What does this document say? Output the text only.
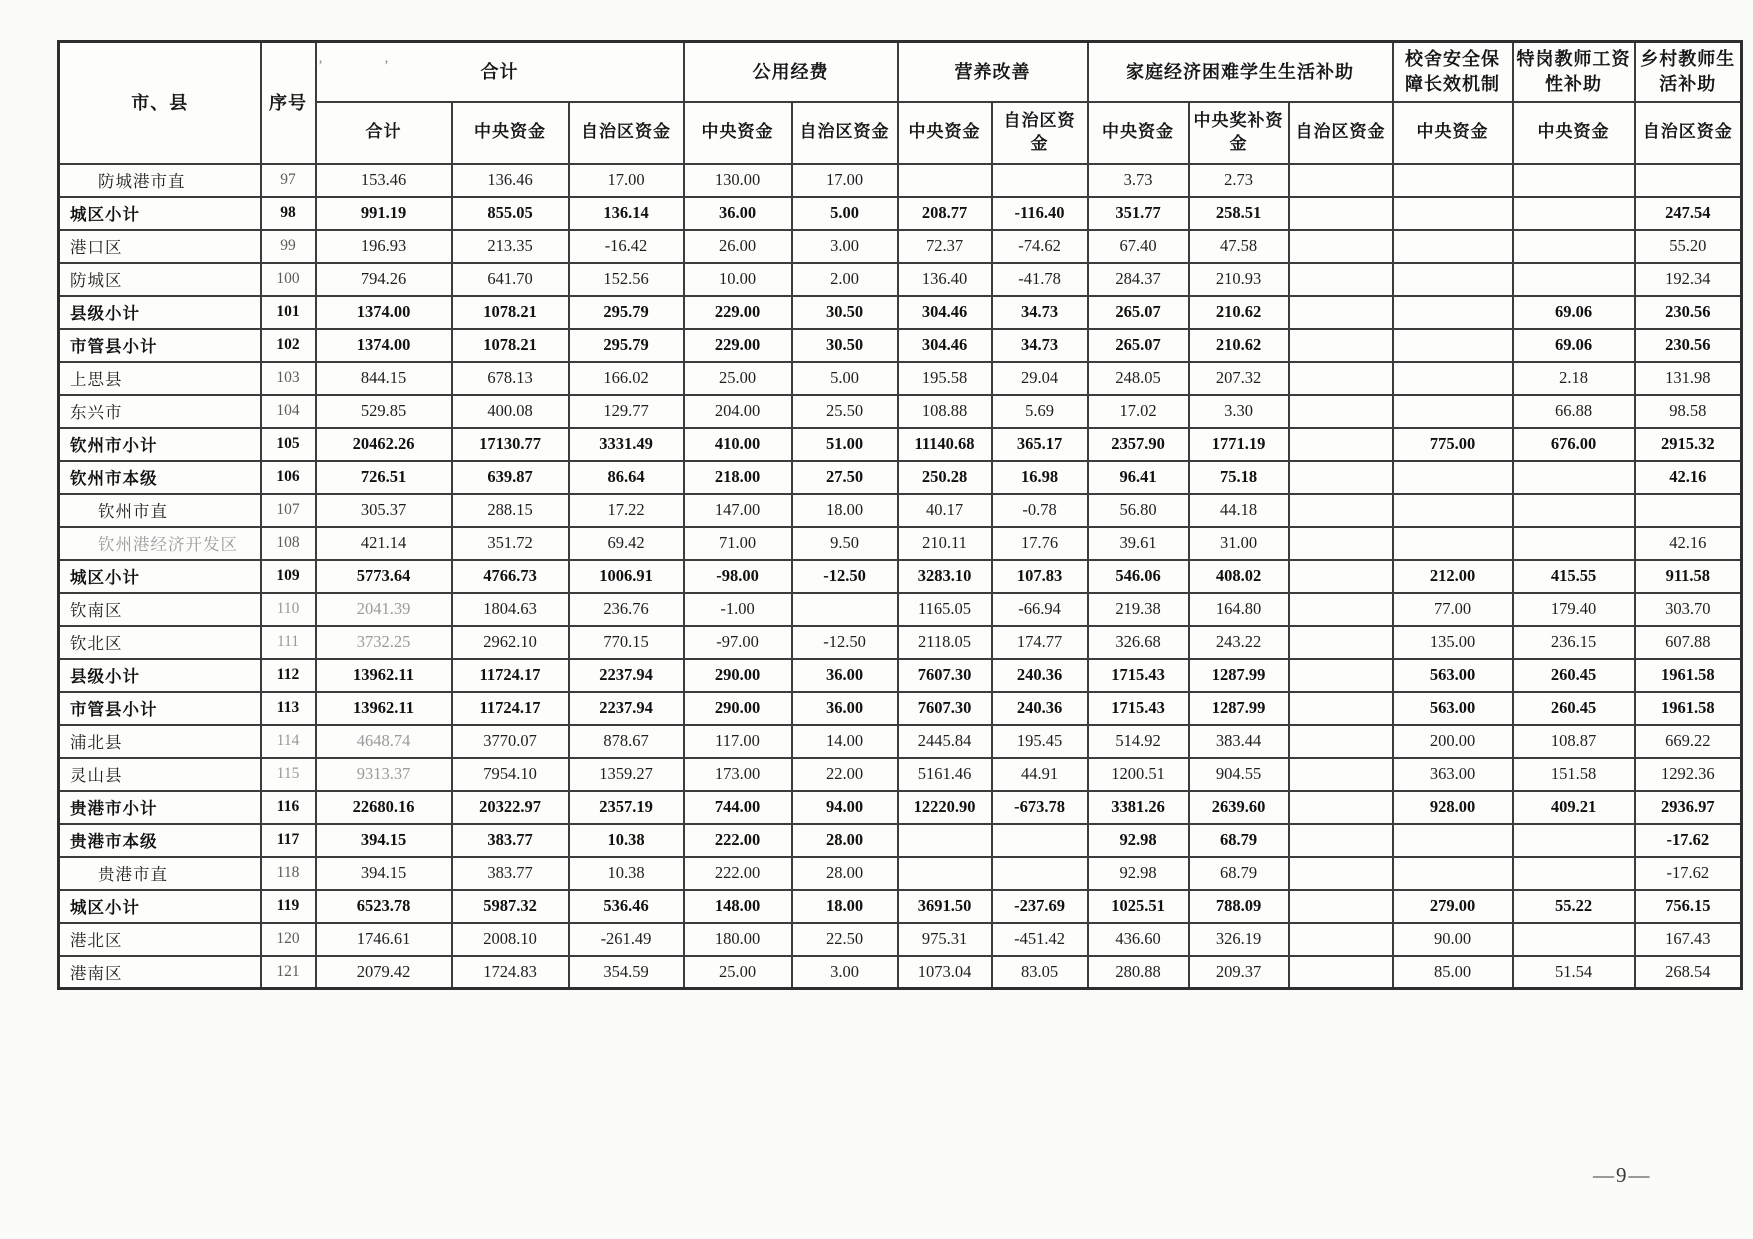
市、县	序号	合计			公用经费		营养改善		家庭经济困难学生生活补助			校舍安全保障长效机制	特岗教师工资性补助	乡村教师生活补助
		合计	中央资金	自治区资金	中央资金	自治区资金	中央资金	自治区资金	中央资金	中央奖补资金	自治区资金	中央资金	中央资金	自治区资金
防城港市直	97	153.46	136.46	17.00	130.00	17.00			3.73	2.73				
城区小计	98	991.19	855.05	136.14	36.00	5.00	208.77	-116.40	351.77	258.51				247.54
港口区	99	196.93	213.35	-16.42	26.00	3.00	72.37	-74.62	67.40	47.58				55.20
防城区	100	794.26	641.70	152.56	10.00	2.00	136.40	-41.78	284.37	210.93				192.34
县级小计	101	1374.00	1078.21	295.79	229.00	30.50	304.46	34.73	265.07	210.62			69.06	230.56
市管县小计	102	1374.00	1078.21	295.79	229.00	30.50	304.46	34.73	265.07	210.62			69.06	230.56
上思县	103	844.15	678.13	166.02	25.00	5.00	195.58	29.04	248.05	207.32			2.18	131.98
东兴市	104	529.85	400.08	129.77	204.00	25.50	108.88	5.69	17.02	3.30			66.88	98.58
钦州市小计	105	20462.26	17130.77	3331.49	410.00	51.00	11140.68	365.17	2357.90	1771.19		775.00	676.00	2915.32
钦州市本级	106	726.51	639.87	86.64	218.00	27.50	250.28	16.98	96.41	75.18				42.16
钦州市直	107	305.37	288.15	17.22	147.00	18.00	40.17	-0.78	56.80	44.18				
钦州港经济开发区	108	421.14	351.72	69.42	71.00	9.50	210.11	17.76	39.61	31.00				42.16
城区小计	109	5773.64	4766.73	1006.91	-98.00	-12.50	3283.10	107.83	546.06	408.02		212.00	415.55	911.58
钦南区	110	2041.39	1804.63	236.76	-1.00		1165.05	-66.94	219.38	164.80		77.00	179.40	303.70
钦北区	111	3732.25	2962.10	770.15	-97.00	-12.50	2118.05	174.77	326.68	243.22		135.00	236.15	607.88
县级小计	112	13962.11	11724.17	2237.94	290.00	36.00	7607.30	240.36	1715.43	1287.99		563.00	260.45	1961.58
市管县小计	113	13962.11	11724.17	2237.94	290.00	36.00	7607.30	240.36	1715.43	1287.99		563.00	260.45	1961.58
浦北县	114	4648.74	3770.07	878.67	117.00	14.00	2445.84	195.45	514.92	383.44		200.00	108.87	669.22
灵山县	115	9313.37	7954.10	1359.27	173.00	22.00	5161.46	44.91	1200.51	904.55		363.00	151.58	1292.36
贵港市小计	116	22680.16	20322.97	2357.19	744.00	94.00	12220.90	-673.78	3381.26	2639.60		928.00	409.21	2936.97
贵港市本级	117	394.15	383.77	10.38	222.00	28.00			92.98	68.79				-17.62
贵港市直	118	394.15	383.77	10.38	222.00	28.00			92.98	68.79				-17.62
城区小计	119	6523.78	5987.32	536.46	148.00	18.00	3691.50	-237.69	1025.51	788.09		279.00	55.22	756.15
港北区	120	1746.61	2008.10	-261.49	180.00	22.50	975.31	-451.42	436.60	326.19		90.00		167.43
港南区	121	2079.42	1724.83	354.59	25.00	3.00	1073.04	83.05	280.88	209.37		85.00	51.54	268.54
’’
—9—
